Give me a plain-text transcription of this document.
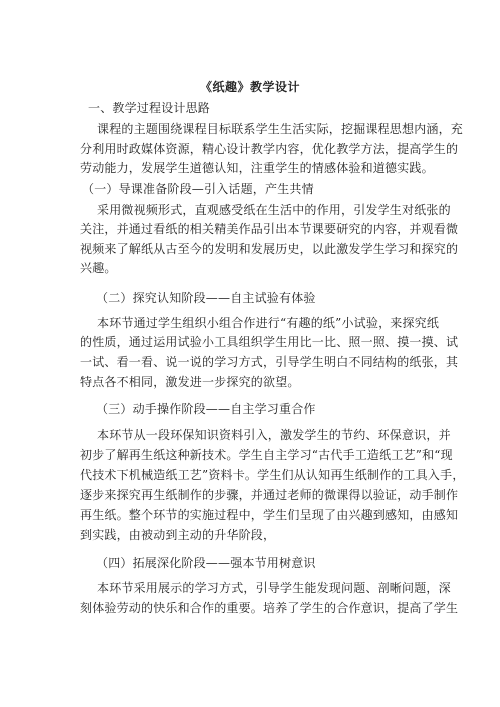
《纸趣》教学设计
一、教学过程设计思路
课程的主题围绕课程目标联系学生生活实际，挖掘课程思想内涵，充
分利用时政媒体资源，精心设计教学内容，优化教学方法，提高学生的
劳动能力，发展学生道德认知，注重学生的情感体验和道德实践。
（一）导课准备阶段—引入话题，产生共情
采用微视频形式，直观感受纸在生活中的作用，引发学生对纸张的
关注，并通过看纸的相关精美作品引出本节课要研究的内容，并观看微
视频来了解纸从古至今的发明和发展历史，以此激发学生学习和探究的
兴趣。
（二）探究认知阶段——自主试验有体验
本环节通过学生组织小组合作进行“有趣的纸”小试验，来探究纸
的性质，通过运用试验小工具组织学生用比一比、照一照、摸一摸、试
一试、看一看、说一说的学习方式，引导学生明白不同结构的纸张，其
特点各不相同，激发进一步探究的欲望。
（三）动手操作阶段——自主学习重合作
本环节从一段环保知识资料引入，激发学生的节约、环保意识，并
初步了解再生纸这种新技术。学生自主学习“古代手工造纸工艺”和“现
代技术下机械造纸工艺”资料卡。学生们从认知再生纸制作的工具入手，
逐步来探究再生纸制作的步骤，并通过老师的微课得以验证，动手制作
再生纸。整个环节的实施过程中，学生们呈现了由兴趣到感知，由感知
到实践，由被动到主动的升华阶段，
（四）拓展深化阶段——强本节用树意识
本环节采用展示的学习方式，引导学生能发现问题、剖晰问题，深
刻体验劳动的快乐和合作的重要。培养了学生的合作意识，提高了学生
